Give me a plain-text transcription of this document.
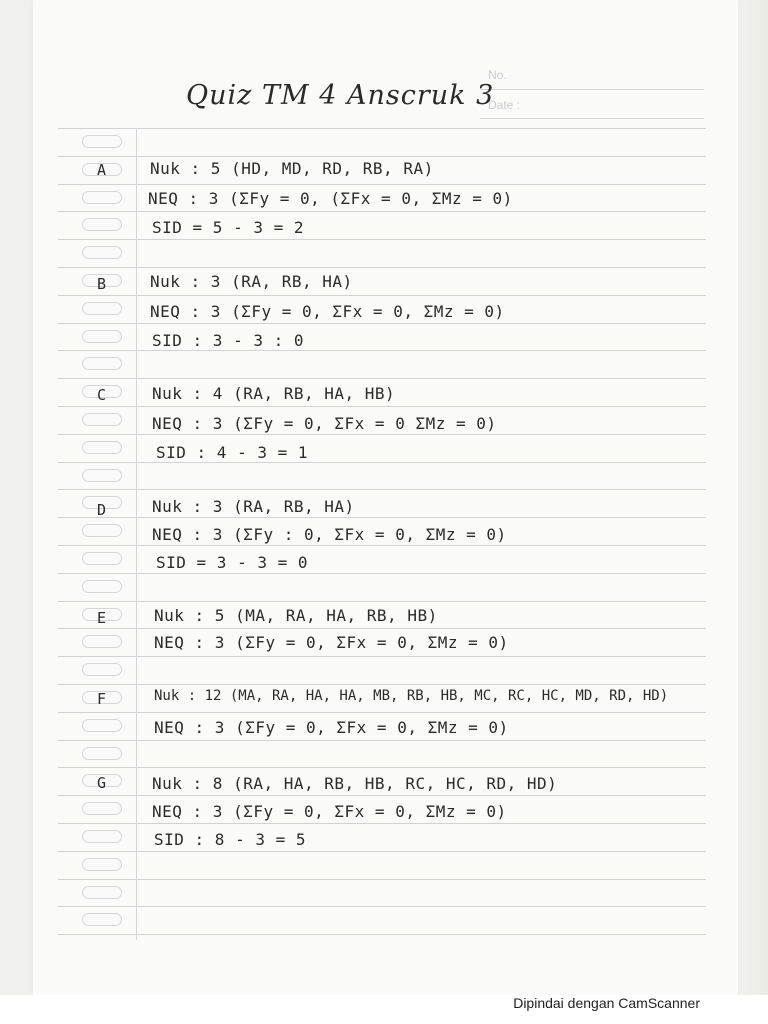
No.
Date :
Quiz TM 4 Anscruk 3
A	Nuk : 5 (HD, MD, RD, RB, RA)
NEQ : 3 (ΣFy = 0, (ΣFx = 0, ΣMz = 0)
SID = 5 - 3 = 2
B	Nuk : 3 (RA, RB, HA)
NEQ : 3 (ΣFy = 0, ΣFx = 0, ΣMz = 0)
SID : 3 - 3 : 0
C	Nuk : 4 (RA, RB, HA, HB)
NEQ : 3 (ΣFy = 0, ΣFx = 0 ΣMz = 0)
SID : 4 - 3 = 1
D	Nuk : 3 (RA, RB, HA)
NEQ : 3 (ΣFy : 0, ΣFx = 0, ΣMz = 0)
SID = 3 - 3 = 0
E	Nuk : 5 (MA, RA, HA, RB, HB)
NEQ : 3 (ΣFy = 0, ΣFx = 0, ΣMz = 0)
F	Nuk : 12 (MA, RA, HA, HA, MB, RB, HB, MC, RC, HC, MD, RD, HD)
NEQ : 3 (ΣFy = 0, ΣFx = 0, ΣMz = 0)
G	Nuk : 8 (RA, HA, RB, HB, RC, HC, RD, HD)
NEQ : 3 (ΣFy = 0, ΣFx = 0, ΣMz = 0)
SID : 8 - 3 = 5
Dipindai dengan CamScanner
